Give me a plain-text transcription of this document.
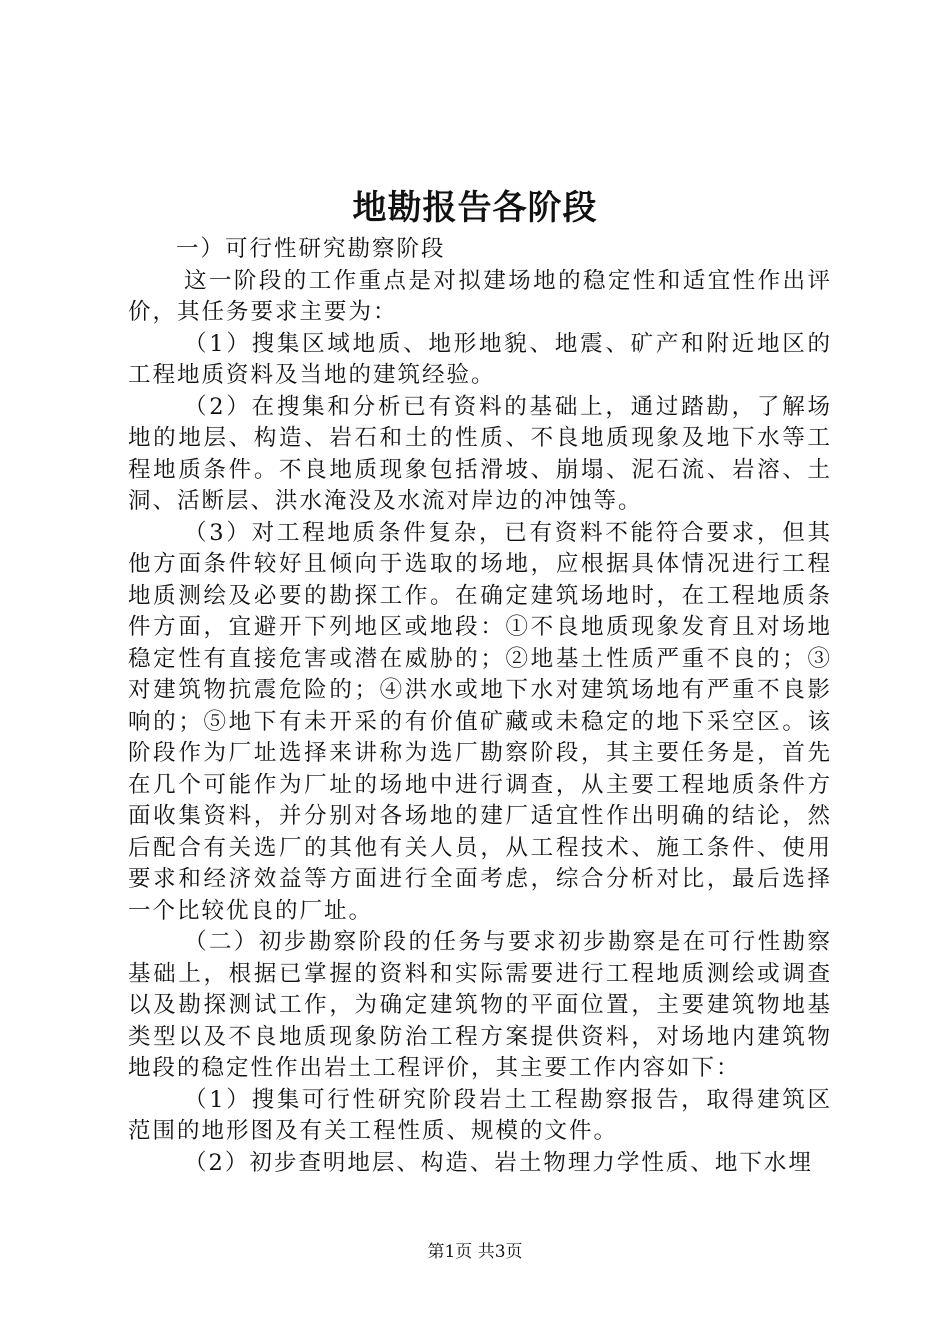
地勘报告各阶段

一）可行性研究勘察阶段

这一阶段的工作重点是对拟建场地的稳定性和适宜性作出评价，其任务要求主要为：

（1）搜集区域地质、地形地貌、地震、矿产和附近地区的工程地质资料及当地的建筑经验。

（2）在搜集和分析已有资料的基础上，通过踏勘，了解场地的地层、构造、岩石和土的性质、不良地质现象及地下水等工程地质条件。不良地质现象包括滑坡、崩塌、泥石流、岩溶、土洞、活断层、洪水淹没及水流对岸边的冲蚀等。

（3）对工程地质条件复杂，已有资料不能符合要求，但其他方面条件较好且倾向于选取的场地，应根据具体情况进行工程地质测绘及必要的勘探工作。在确定建筑场地时，在工程地质条件方面，宜避开下列地区或地段：①不良地质现象发育且对场地稳定性有直接危害或潜在威胁的；②地基土性质严重不良的；③对建筑物抗震危险的；④洪水或地下水对建筑场地有严重不良影响的；⑤地下有未开采的有价值矿藏或未稳定的地下采空区。该阶段作为厂址选择来讲称为选厂勘察阶段，其主要任务是，首先在几个可能作为厂址的场地中进行调查，从主要工程地质条件方面收集资料，并分别对各场地的建厂适宜性作出明确的结论，然后配合有关选厂的其他有关人员，从工程技术、施工条件、使用要求和经济效益等方面进行全面考虑，综合分析对比，最后选择一个比较优良的厂址。

（二）初步勘察阶段的任务与要求初步勘察是在可行性勘察基础上，根据已掌握的资料和实际需要进行工程地质测绘或调查以及勘探测试工作，为确定建筑物的平面位置，主要建筑物地基类型以及不良地质现象防治工程方案提供资料，对场地内建筑物地段的稳定性作出岩土工程评价，其主要工作内容如下：

（1）搜集可行性研究阶段岩土工程勘察报告，取得建筑区范围的地形图及有关工程性质、规模的文件。

（2）初步查明地层、构造、岩土物理力学性质、地下水埋

第1页 共3页
